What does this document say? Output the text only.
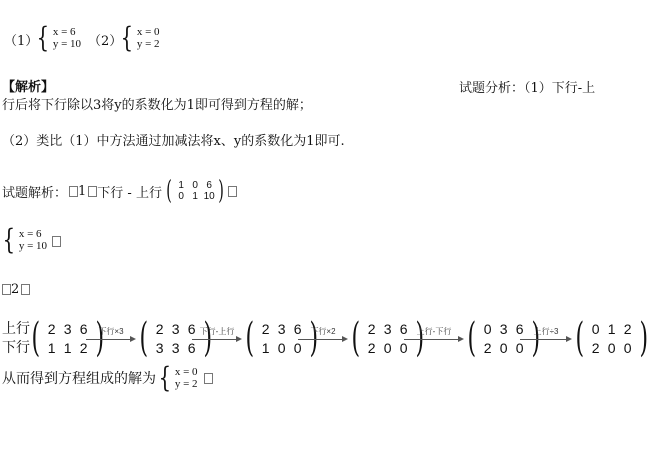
（1）
{ x = 6
y = 10 （2）
{ x = 0
y = 2
【解析】	试题分析：（1）下行-上
行后将下行除以3将y的系数化为1即可得到方程的解；
（2）类比（1）中方法通过加减法将x、y的系数化为1即可.
试题解析： 1 下行 - 上行 ( 1 0 6
0 1 10 )
{ x = 6
y = 10
2
上行
下行 ( 2 3 6
1 1 2 )
下行×3 ( 2 3 6
3 3 6 )
下行-上行 ( 2 3 6
1 0 0 )
下行×2 ( 2 3 6
2 0 0 )
上行-下行 ( 0 3 6
2 0 0 )
上行÷3 ( 0 1 2
2 0 0 )
从而得到方程组成的解为 { x = 0
y = 2
